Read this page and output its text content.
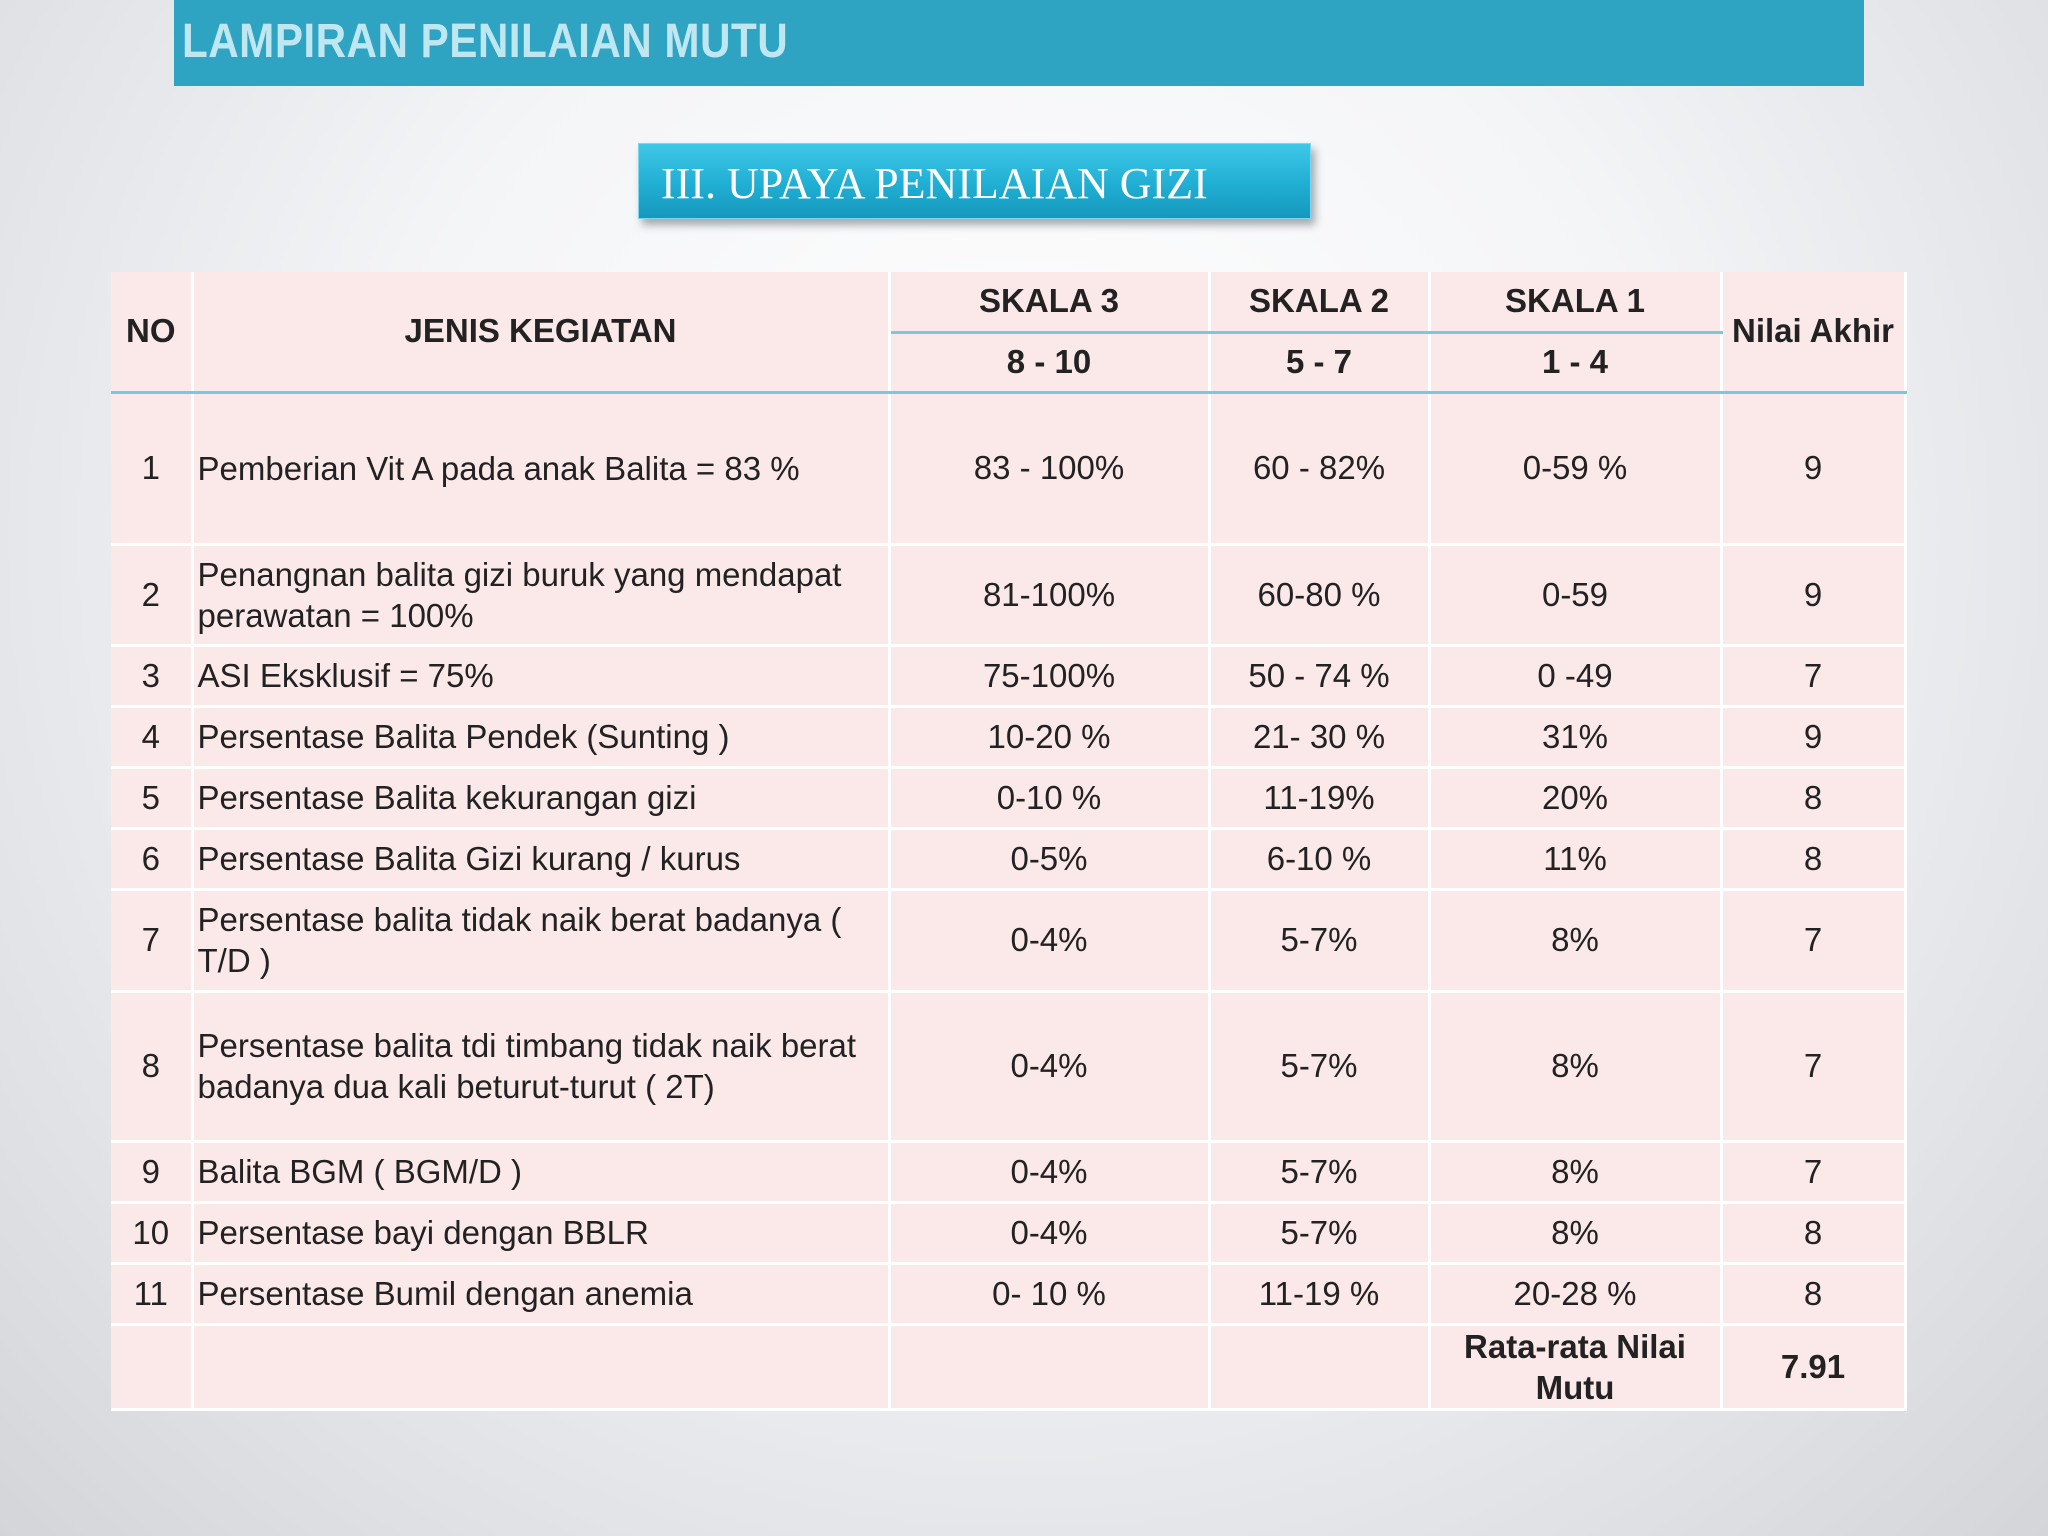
LAMPIRAN PENILAIAN MUTU
III. UPAYA PENILAIAN GIZI
NO	JENIS KEGIATAN	SKALA 3	SKALA 2	SKALA 1	Nilai Akhir
		8 - 10	5 - 7	1 - 4	
1	Pemberian Vit A pada anak Balita = 83 %	83 - 100%	60 - 82%	0-59 %	9
2	Penangnan balita gizi buruk yang mendapat perawatan = 100%	81-100%	60-80 %	0-59	9
3	ASI Eksklusif = 75%	75-100%	50 - 74 %	0 -49	7
4	Persentase Balita Pendek (Sunting )	10-20 %	21- 30 %	31%	9
5	Persentase Balita kekurangan gizi	0-10 %	11-19%	20%	8
6	Persentase Balita Gizi kurang / kurus	0-5%	6-10 %	11%	8
7	Persentase balita tidak naik berat badanya ( T/D )	0-4%	5-7%	8%	7
8	Persentase balita tdi timbang tidak naik berat badanya dua kali beturut-turut ( 2T)	0-4%	5-7%	8%	7
9	Balita BGM ( BGM/D )	0-4%	5-7%	8%	7
10	Persentase bayi dengan BBLR	0-4%	5-7%	8%	8
11	Persentase Bumil dengan anemia	0- 10 %	11-19 %	20-28 %	8
				Rata-rata Nilai Mutu	7.91
